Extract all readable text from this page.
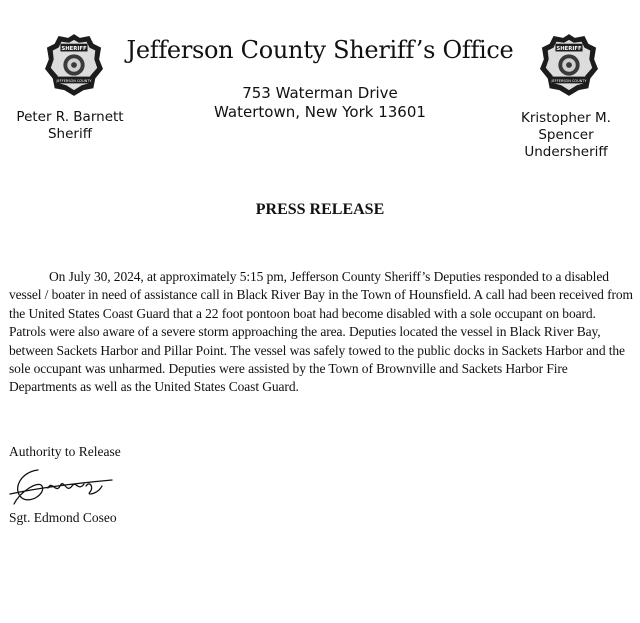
SHERIFF
JEFFERSON COUNTY
SHERIFF
JEFFERSON COUNTY
Jefferson County Sheriff’s Office
753 Waterman Drive
Watertown, New York 13601
Peter R. Barnett
Sheriff
Kristopher M. Spencer
Undersheriff
PRESS RELEASE

On July 30, 2024, at approximately 5:15 pm, Jefferson County Sheriff’s Deputies responded to a disabled vessel / boater in need of assistance call in Black River Bay in the Town of Hounsfield. A call had been received from the United States Coast Guard that a 22 foot pontoon boat had become disabled with a sole occupant on board. Patrols were also aware of a severe storm approaching the area. Deputies located the vessel in Black River Bay, between Sackets Harbor and Pillar Point. The vessel was safely towed to the public docks in Sackets Harbor and the sole occupant was unharmed. Deputies were assisted by the Town of Brownville and Sackets Harbor Fire Departments as well as the United States Coast Guard.

Authority to Release
Sgt. Edmond Coseo
